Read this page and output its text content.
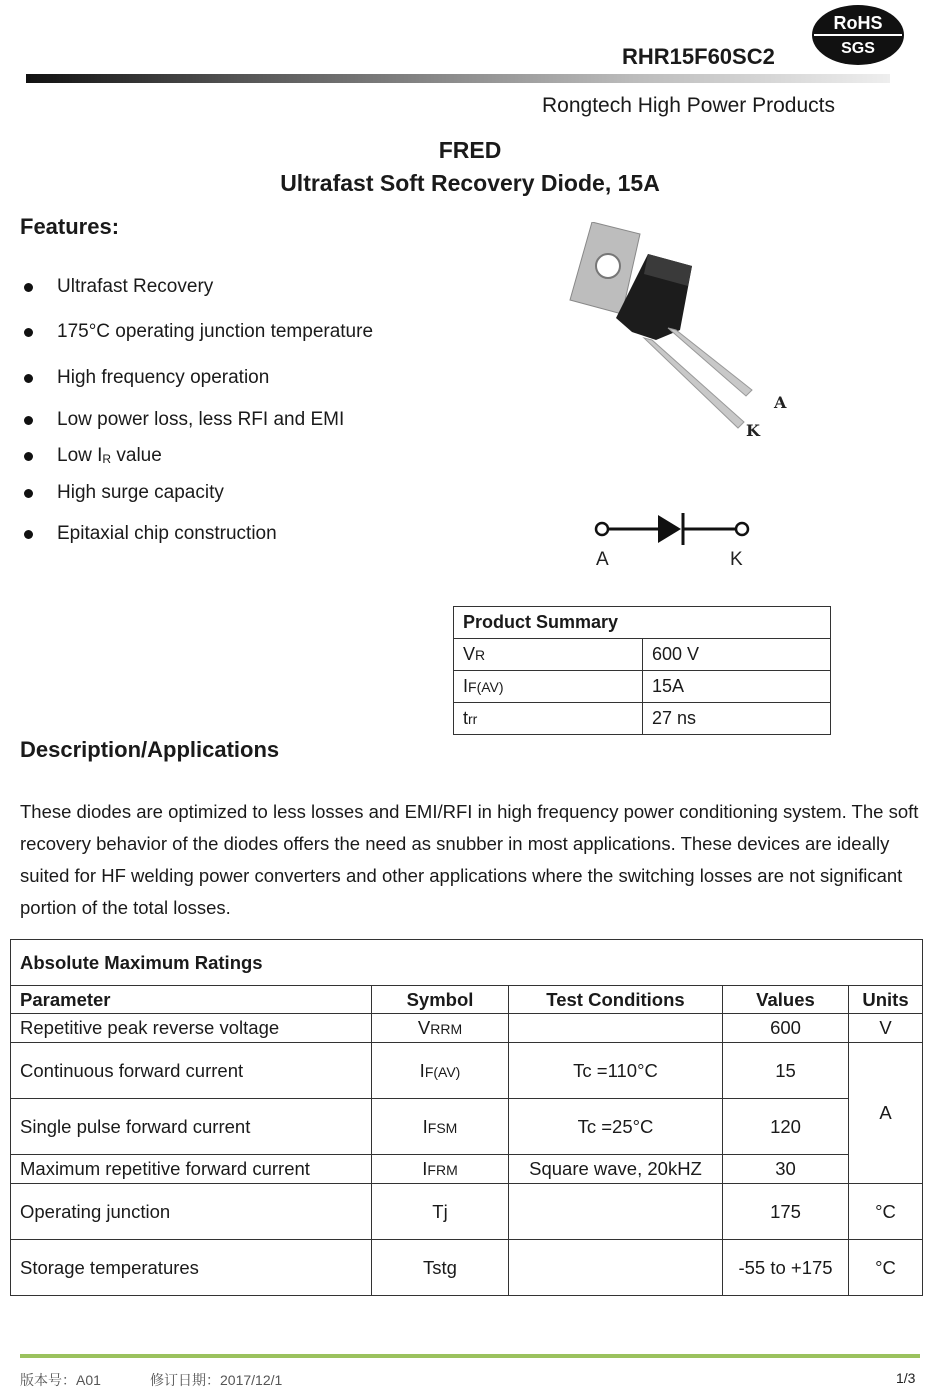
RHR15F60SC2
RoHS
SGS
Rongtech High Power Products
FRED
Ultrafast Soft Recovery Diode, 15A
Features:
Ultrafast Recovery
175°C operating junction temperature
High frequency operation
Low power loss, less RFI and EMI
Low $I_R$ value
High surge capacity
Epitaxial chip construction
A
K
A	K
Product Summary	
VR	600 V
IF(AV)	15A
trr	27 ns
Description/Applications
These diodes are optimized to less losses and EMI/RFI in high frequency power conditioning system. The soft recovery behavior of the diodes offers the need as snubber in most applications. These devices are ideally suited for HF welding power converters and other applications where the switching losses are not significant portion of the total losses.
Absolute Maximum Ratings				
Parameter	Symbol	Test Conditions	Values	Units
Repetitive peak reverse voltage	VRRM		600	V
Continuous forward current	IF(AV)	Tc =110°C	15	A
Single pulse forward current	IFSM	Tc =25°C	120	
Maximum repetitive forward current	IFRM	Square wave, 20kHZ	30	
Operating junction	Tj		175	°C
Storage temperatures	Tstg		-55 to +175	°C
版本号：A01	修订日期：2017/12/1	1/3
